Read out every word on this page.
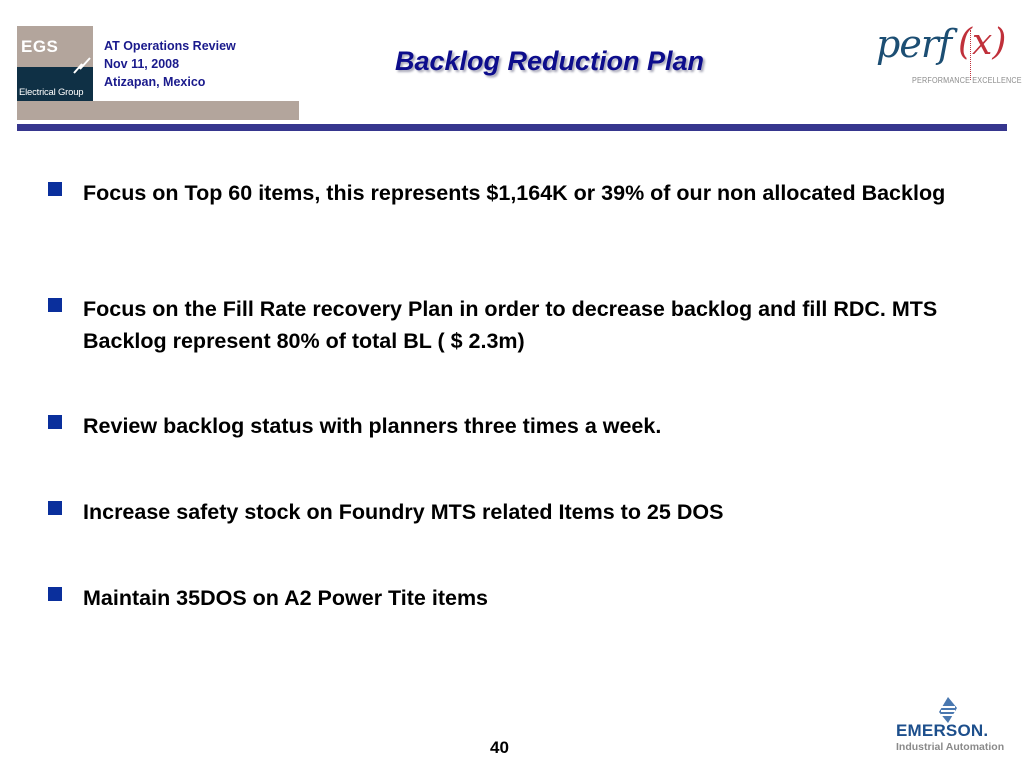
EGS
Electrical Group
AT Operations Review
Nov 11, 2008
Atizapan, Mexico
Backlog Reduction Plan	perf (x)
PERFORMANCE EXCELLENCE
Focus on Top 60 items, this represents $1,164K or 39% of our non allocated Backlog
Focus on the Fill Rate recovery Plan in order to decrease backlog and fill RDC. MTS Backlog represent 80% of total BL ( $ 2.3m)
Review backlog status with planners three times a week.
Increase safety stock on Foundry MTS related Items to 25 DOS
Maintain 35DOS on A2 Power Tite items
40
EMERSON.
Industrial Automation
